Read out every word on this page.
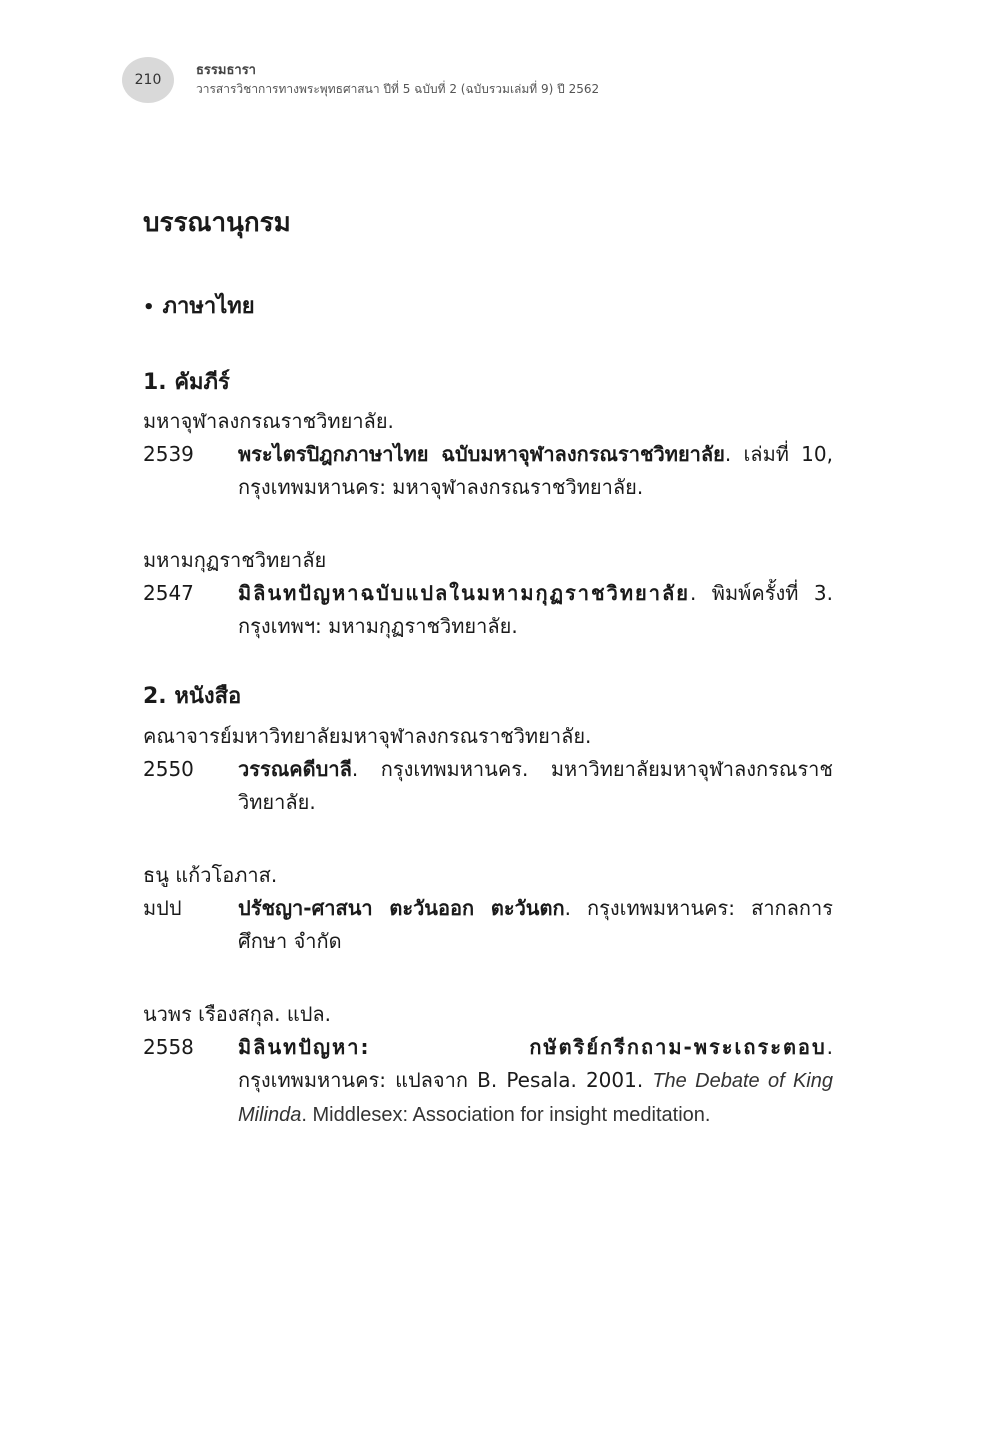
210
ธรรมธารา
วารสารวิชาการทางพระพุทธศาสนา ปีที่ 5 ฉบับที่ 2 (ฉบับรวมเล่มที่ 9) ปี 2562
บรรณานุกรม
• ภาษาไทย
1. คัมภีร์
มหาจุฬาลงกรณราชวิทยาลัย.
2539	พระไตรปิฎกภาษาไทย ฉบับมหาจุฬาลงกรณราชวิทยาลัย. เล่มที่ 10, กรุงเทพมหานคร: มหาจุฬาลงกรณราชวิทยาลัย.
มหามกุฏราชวิทยาลัย
2547	มิลินทปัญหาฉบับแปลในมหามกุฏราชวิทยาลัย. พิมพ์ครั้งที่ 3. กรุงเทพฯ: มหามกุฏราชวิทยาลัย.
2. หนังสือ
คณาจารย์มหาวิทยาลัยมหาจุฬาลงกรณราชวิทยาลัย.
2550	วรรณคดีบาลี. กรุงเทพมหานคร. มหาวิทยาลัยมหาจุฬาลงกรณราชวิทยาลัย.
ธนู แก้วโอภาส.
มปป	ปรัชญา-ศาสนา ตะวันออก ตะวันตก. กรุงเทพมหานคร: สากลการศึกษา จำกัด
นวพร เรืองสกุล. แปล.
2558	มิลินทปัญหา: กษัตริย์กรีกถาม-พระเถระตอบ. กรุงเทพมหานคร: แปลจาก B. Pesala. 2001. The Debate of King Milinda. Middlesex: Association for insight meditation.
